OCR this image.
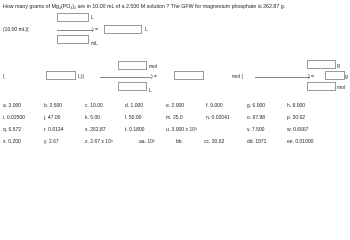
How many grams of $Mg_3(PO_4)_2$ are in 10.00 mL of a 2.500 M solution ? The GFW for magnesium phosphate is 262.87 g.
L
(10.00 mL)(	) =	L
mL
mol	g
(	L)(	) =	mol (	) =	g
L	mol
a. 3.000	b. 2.500	c. 10.00	d. 1.000	e. 2.000	f. 9.000	g. 6.000	h. 8.000
i. 0.02500	j. 47.00	k. 5.00	l. 50.00	m. 25.0	n. 0.02041	o. 97.98	p. 30.62
q. 6.572	r. 0.6124	s. 262.87	t. 0.1800	u. 3.000 x 10³	v. 7.500	w. 0.6667
x. 0.200	y. 2.67	z. 2.67 x 10³	aa. 10³	bb.	cc. 30.62	dd. 1971	ee. 0.01000
